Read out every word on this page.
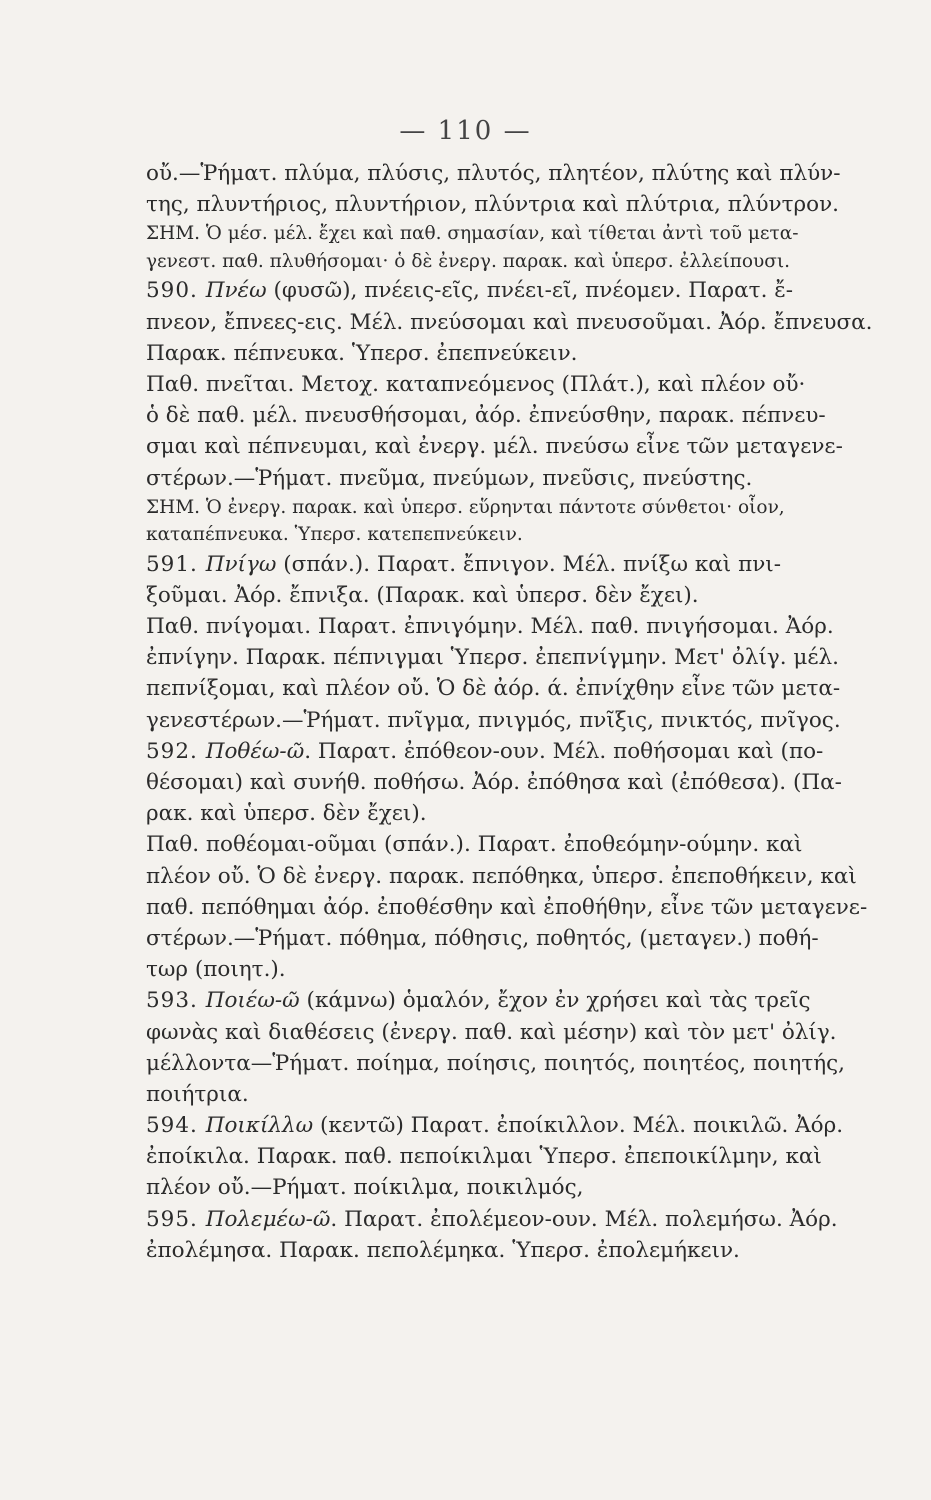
— 110 —
οὔ.—Ῥήματ. πλύμα, πλύσις, πλυτός, πλητέον, πλύτης καὶ πλύν-
της, πλυντήριος, πλυντήριον, πλύντρια καὶ πλύτρια, πλύντρον.
ΣΗΜ. Ὁ μέσ. μέλ. ἔχει καὶ παθ. σημασίαν, καὶ τίθεται ἀντὶ τοῦ μετα-
γενεστ. παθ. πλυθήσομαι· ὁ δὲ ἐνεργ. παρακ. καὶ ὑπερσ. ἐλλείπουσι.
590. Πνέω (φυσῶ), πνέεις-εῖς, πνέει-εῖ, πνέομεν. Παρατ. ἔ-
πνεον, ἔπνεες-εις. Μέλ. πνεύσομαι καὶ πνευσοῦμαι. Ἀόρ. ἔπνευσα.
Παρακ. πέπνευκα. Ὑπερσ. ἐπεπνεύκειν.
Παθ. πνεῖται. Μετοχ. καταπνεόμενος (Πλάτ.), καὶ πλέον οὔ·
ὁ δὲ παθ. μέλ. πνευσθήσομαι, ἀόρ. ἐπνεύσθην, παρακ. πέπνευ-
σμαι καὶ πέπνευμαι, καὶ ἐνεργ. μέλ. πνεύσω εἶνε τῶν μεταγενε-
στέρων.—Ῥήματ. πνεῦμα, πνεύμων, πνεῦσις, πνεύστης.
ΣΗΜ. Ὁ ἐνεργ. παρακ. καὶ ὑπερσ. εὕρηνται πάντοτε σύνθετοι· οἷον,
καταπέπνευκα. Ὑπερσ. κατεπεπνεύκειν.
591. Πνίγω (σπάν.). Παρατ. ἔπνιγον. Μέλ. πνίξω καὶ πνι-
ξοῦμαι. Ἀόρ. ἔπνιξα. (Παρακ. καὶ ὑπερσ. δὲν ἔχει).
Παθ. πνίγομαι. Παρατ. ἐπνιγόμην. Μέλ. παθ. πνιγήσομαι. Ἀόρ.
ἐπνίγην. Παρακ. πέπνιγμαι Ὑπερσ. ἐπεπνίγμην. Μετ' ὀλίγ. μέλ.
πεπνίξομαι, καὶ πλέον οὔ. Ὁ δὲ ἀόρ. ά. ἐπνίχθην εἶνε τῶν μετα-
γενεστέρων.—Ῥήματ. πνῖγμα, πνιγμός, πνῖξις, πνικτός, πνῖγος.
592. Ποθέω-ῶ. Παρατ. ἐπόθεον-ουν. Μέλ. ποθήσομαι καὶ (πο-
θέσομαι) καὶ συνήθ. ποθήσω. Ἀόρ. ἐπόθησα καὶ (ἐπόθεσα). (Πα-
ρακ. καὶ ὑπερσ. δὲν ἔχει).
Παθ. ποθέομαι-οῦμαι (σπάν.). Παρατ. ἐποθεόμην-ούμην. καὶ
πλέον οὔ. Ὁ δὲ ἐνεργ. παρακ. πεπόθηκα, ὑπερσ. ἐπεποθήκειν, καὶ
παθ. πεπόθημαι ἀόρ. ἐποθέσθην καὶ ἐποθήθην, εἶνε τῶν μεταγενε-
στέρων.—Ῥήματ. πόθημα, πόθησις, ποθητός, (μεταγεν.) ποθή-
τωρ (ποιητ.).
593. Ποιέω-ῶ (κάμνω) ὁμαλόν, ἔχον ἐν χρήσει καὶ τὰς τρεῖς
φωνὰς καὶ διαθέσεις (ἐνεργ. παθ. καὶ μέσην) καὶ τὸν μετ' ὀλίγ.
μέλλοντα—Ῥήματ. ποίημα, ποίησις, ποιητός, ποιητέος, ποιητής,
ποιήτρια.
594. Ποικίλλω (κεντῶ) Παρατ. ἐποίκιλλον. Μέλ. ποικιλῶ. Ἀόρ.
ἐποίκιλα. Παρακ. παθ. πεποίκιλμαι Ὑπερσ. ἐπεποικίλμην, καὶ
πλέον οὔ.—Ρήματ. ποίκιλμα, ποικιλμός,
595. Πολεμέω-ῶ. Παρατ. ἐπολέμεον-ουν. Μέλ. πολεμήσω. Ἀόρ.
ἐπολέμησα. Παρακ. πεπολέμηκα. Ὑπερσ. ἐπολεμήκειν.
